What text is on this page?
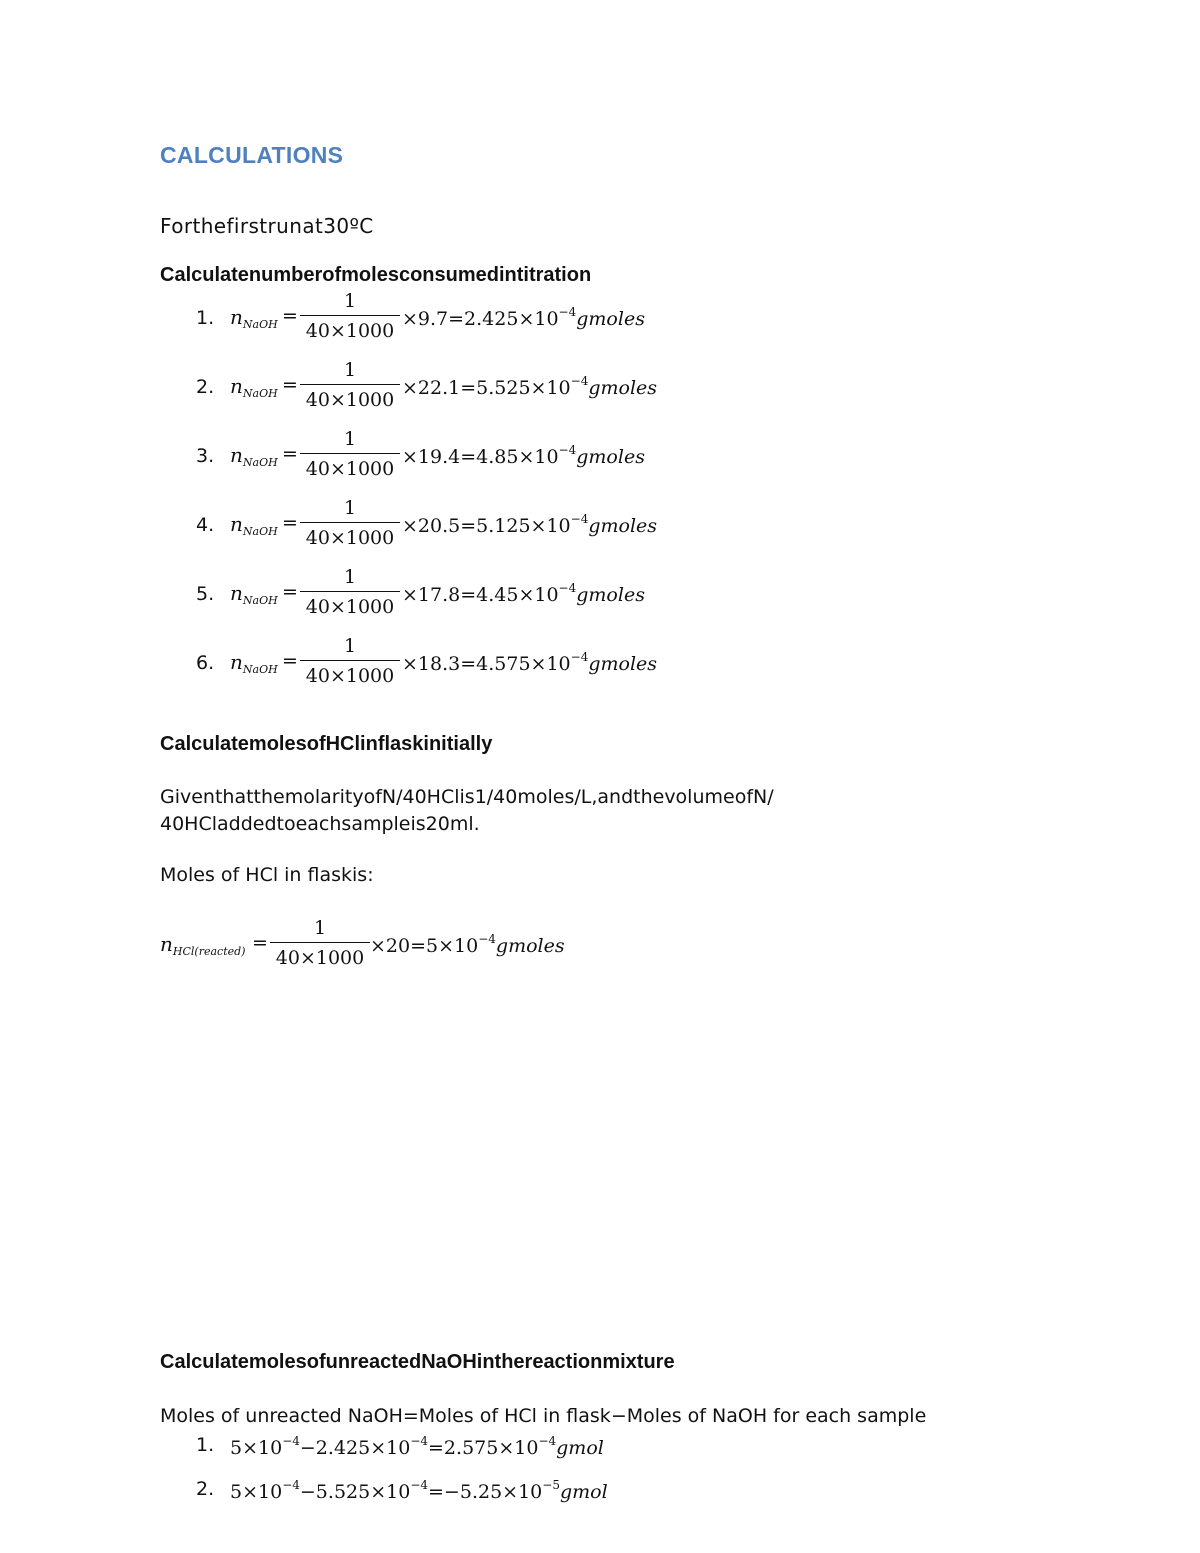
CALCULATIONS

Forthefirstrunat30ºC

Calculatenumberofmolesconsumedintitration

1. $n_{NaOH}$ =
1
40×1000
$\times 9.7=2.425\times 10^{-4}gmoles$
2. $n_{NaOH}$ =
1
40×1000
$\times 22.1=5.525\times 10^{-4}gmoles$
3. $n_{NaOH}$ =
1
40×1000
$\times 19.4=4.85\times 10^{-4}gmoles$
4. $n_{NaOH}$ =
1
40×1000
$\times 20.5=5.125\times 10^{-4}gmoles$
5. $n_{NaOH}$ =
1
40×1000
$\times 17.8=4.45\times 10^{-4}gmoles$
6. $n_{NaOH}$ =
1
40×1000
$\times 18.3=4.575\times 10^{-4}gmoles$

CalculatemolesofHClinflaskinitially

GiventhatthemolarityofN/40HClis1/40moles/L,andthevolumeofN/

40HCladdedtoeachsampleis20ml.

Moles of HCl in flaskis:

$n_{HCl(reacted)}$ =
1
40×1000
$\times 20=5\times 10^{-4}gmoles$

CalculatemolesofunreactedNaOHinthereactionmixture

Moles of unreacted NaOH=Moles of HCl in flask−Moles of NaOH for each sample

1. $5\times 10^{-4}-2.425\times 10^{-4}=2.575\times 10^{-4}gmol$
2. $5\times 10^{-4}-5.525\times 10^{-4}=-5.25\times 10^{-5}gmol$
